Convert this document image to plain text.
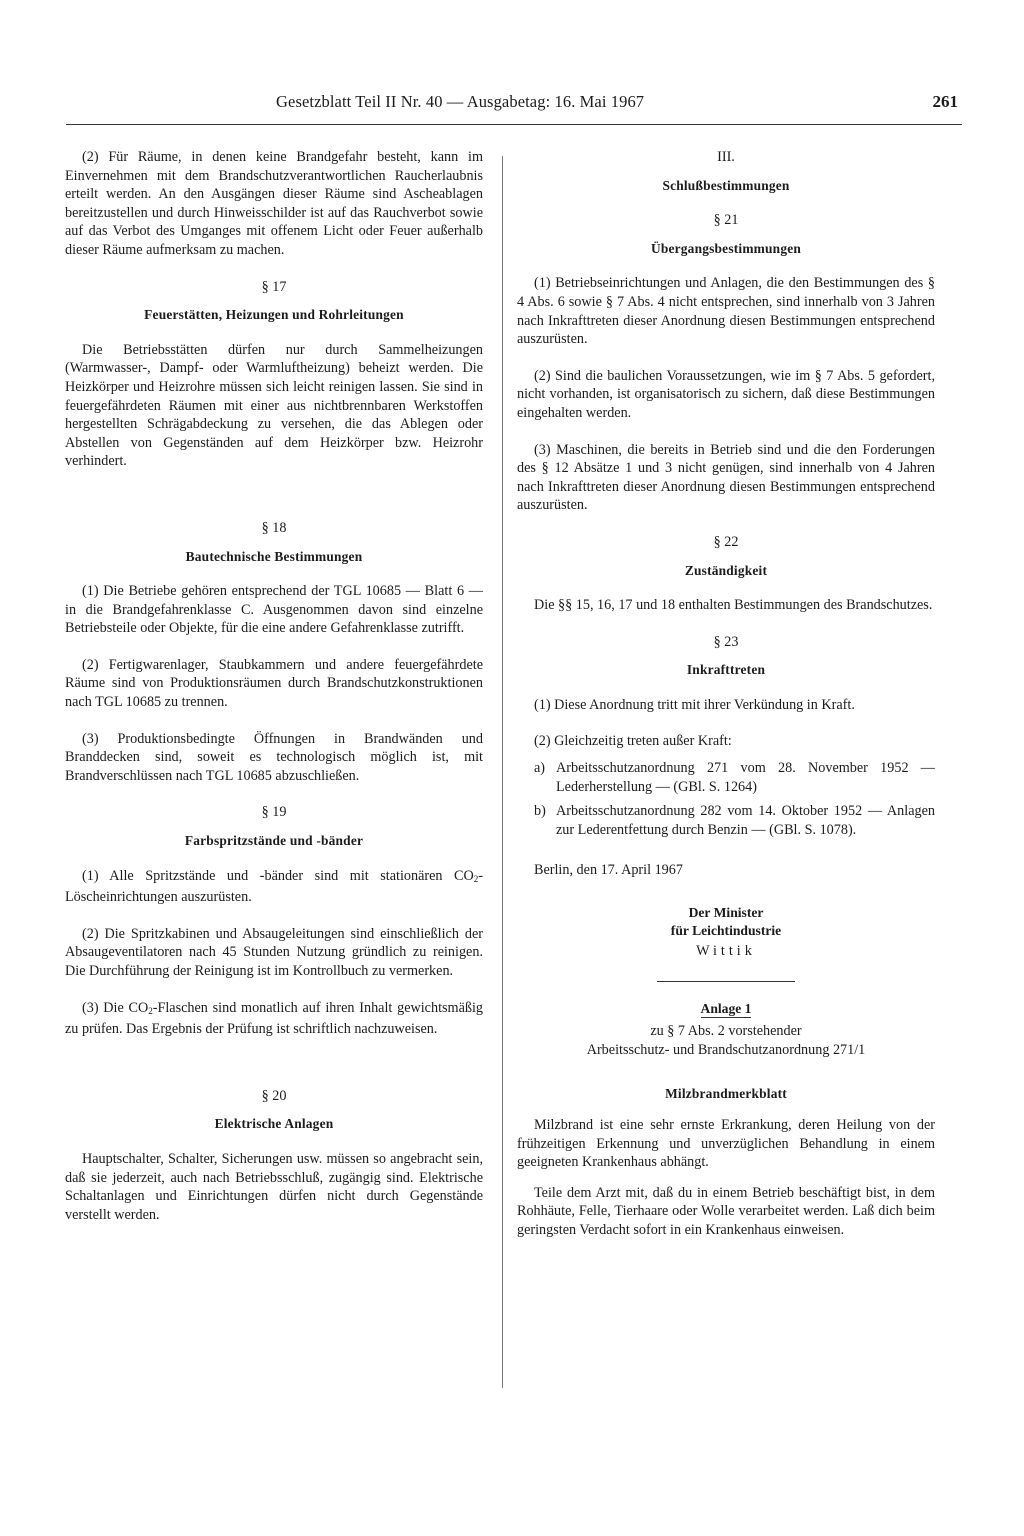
Gesetzblatt Teil II Nr. 40 — Ausgabetag: 16. Mai 1967	261

(2) Für Räume, in denen keine Brandgefahr besteht, kann im Einvernehmen mit dem Brandschutzverantwortlichen Raucherlaubnis erteilt werden. An den Ausgängen dieser Räume sind Ascheablagen bereitzustellen und durch Hinweisschilder ist auf das Rauchverbot sowie auf das Verbot des Umganges mit offenem Licht oder Feuer außerhalb dieser Räume aufmerksam zu machen.

§ 17
Feuerstätten, Heizungen und Rohrleitungen

Die Betriebsstätten dürfen nur durch Sammelheizungen (Warmwasser-, Dampf- oder Warmluftheizung) beheizt werden. Die Heizkörper und Heizrohre müssen sich leicht reinigen lassen. Sie sind in feuergefährdeten Räumen mit einer aus nichtbrennbaren Werkstoffen hergestellten Schrägabdeckung zu versehen, die das Ablegen oder Abstellen von Gegenständen auf dem Heizkörper bzw. Heizrohr verhindert.

§ 18
Bautechnische Bestimmungen

(1) Die Betriebe gehören entsprechend der TGL 10685 — Blatt 6 — in die Brandgefahrenklasse C. Ausgenommen davon sind einzelne Betriebsteile oder Objekte, für die eine andere Gefahrenklasse zutrifft.

(2) Fertigwarenlager, Staubkammern und andere feuergefährdete Räume sind von Produktionsräumen durch Brandschutzkonstruktionen nach TGL 10685 zu trennen.

(3) Produktionsbedingte Öffnungen in Brandwänden und Branddecken sind, soweit es technologisch möglich ist, mit Brandverschlüssen nach TGL 10685 abzuschließen.

§ 19
Farbspritzstände und -bänder

(1) Alle Spritzstände und -bänder sind mit stationären $CO_2$-Löscheinrichtungen auszurüsten.

(2) Die Spritzkabinen und Absaugeleitungen sind einschließlich der Absaugeventilatoren nach 45 Stunden Nutzung gründlich zu reinigen. Die Durchführung der Reinigung ist im Kontrollbuch zu vermerken.

(3) Die $CO_2$-Flaschen sind monatlich auf ihren Inhalt gewichtsmäßig zu prüfen. Das Ergebnis der Prüfung ist schriftlich nachzuweisen.

§ 20
Elektrische Anlagen

Hauptschalter, Schalter, Sicherungen usw. müssen so angebracht sein, daß sie jederzeit, auch nach Betriebsschluß, zugängig sind. Elektrische Schaltanlagen und Einrichtungen dürfen nicht durch Gegenstände verstellt werden.

III.
Schlußbestimmungen
§ 21
Übergangsbestimmungen

(1) Betriebseinrichtungen und Anlagen, die den Bestimmungen des § 4 Abs. 6 sowie § 7 Abs. 4 nicht entsprechen, sind innerhalb von 3 Jahren nach Inkrafttreten dieser Anordnung diesen Bestimmungen entsprechend auszurüsten.

(2) Sind die baulichen Voraussetzungen, wie im § 7 Abs. 5 gefordert, nicht vorhanden, ist organisatorisch zu sichern, daß diese Bestimmungen eingehalten werden.

(3) Maschinen, die bereits in Betrieb sind und die den Forderungen des § 12 Absätze 1 und 3 nicht genügen, sind innerhalb von 4 Jahren nach Inkrafttreten dieser Anordnung diesen Bestimmungen entsprechend auszurüsten.

§ 22
Zuständigkeit

Die §§ 15, 16, 17 und 18 enthalten Bestimmungen des Brandschutzes.

§ 23
Inkrafttreten

(1) Diese Anordnung tritt mit ihrer Verkündung in Kraft.

(2) Gleichzeitig treten außer Kraft:

a) Arbeitsschutzanordnung 271 vom 28. November 1952 — Lederherstellung — (GBl. S. 1264)
b) Arbeitsschutzanordnung 282 vom 14. Oktober 1952 — Anlagen zur Lederentfettung durch Benzin — (GBl. S. 1078).

Berlin, den 17. April 1967

Der Minister
für Leichtindustrie
Wittik
Anlage 1
zu § 7 Abs. 2 vorstehender
Arbeitsschutz- und Brandschutzanordnung 271/1
Milzbrandmerkblatt

Milzbrand ist eine sehr ernste Erkrankung, deren Heilung von der frühzeitigen Erkennung und unverzüglichen Behandlung in einem geeigneten Krankenhaus abhängt.

Teile dem Arzt mit, daß du in einem Betrieb beschäftigt bist, in dem Rohhäute, Felle, Tierhaare oder Wolle verarbeitet werden. Laß dich beim geringsten Verdacht sofort in ein Krankenhaus einweisen.
